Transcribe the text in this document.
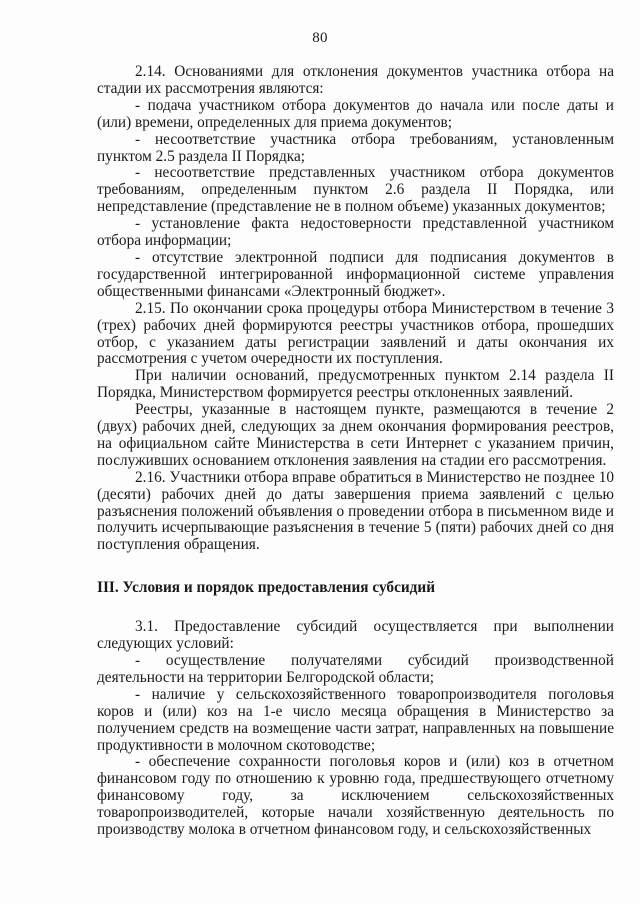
80

2.14. Основаниями для отклонения документов участника отбора на стадии их рассмотрения являются:

- подача участником отбора документов до начала или после даты и (или) времени, определенных для приема документов;

- несоответствие участника отбора требованиям, установленным пунктом 2.5 раздела II Порядка;

- несоответствие представленных участником отбора документов требованиям, определенным пунктом 2.6 раздела II Порядка, или непредставление (представление не в полном объеме) указанных документов;

- установление факта недостоверности представленной участником отбора информации;

- отсутствие электронной подписи для подписания документов в государственной интегрированной информационной системе управления общественными финансами «Электронный бюджет».

2.15. По окончании срока процедуры отбора Министерством в течение 3 (трех) рабочих дней формируются реестры участников отбора, прошедших отбор, с указанием даты регистрации заявлений и даты окончания их рассмотрения с учетом очередности их поступления.

При наличии оснований, предусмотренных пунктом 2.14 раздела II Порядка, Министерством формируется реестры отклоненных заявлений.

Реестры, указанные в настоящем пункте, размещаются в течение 2 (двух) рабочих дней, следующих за днем окончания формирования реестров, на официальном сайте Министерства в сети Интернет с указанием причин, послуживших основанием отклонения заявления на стадии его рассмотрения.

2.16. Участники отбора вправе обратиться в Министерство не позднее 10 (десяти) рабочих дней до даты завершения приема заявлений с целью разъяснения положений объявления о проведении отбора в письменном виде и получить исчерпывающие разъяснения в течение 5 (пяти) рабочих дней со дня поступления обращения.

III. Условия и порядок предоставления субсидий

3.1. Предоставление субсидий осуществляется при выполнении следующих условий:

- осуществление получателями субсидий производственной деятельности на территории Белгородской области;

- наличие у сельскохозяйственного товаропроизводителя поголовья коров и (или) коз на 1-е число месяца обращения в Министерство за получением средств на возмещение части затрат, направленных на повышение продуктивности в молочном скотоводстве;

- обеспечение сохранности поголовья коров и (или) коз в отчетном финансовом году по отношению к уровню года, предшествующего отчетному финансовому году, за исключением сельскохозяйственных товаропроизводителей, которые начали хозяйственную деятельность по производству молока в отчетном финансовом году, и сельскохозяйственных
